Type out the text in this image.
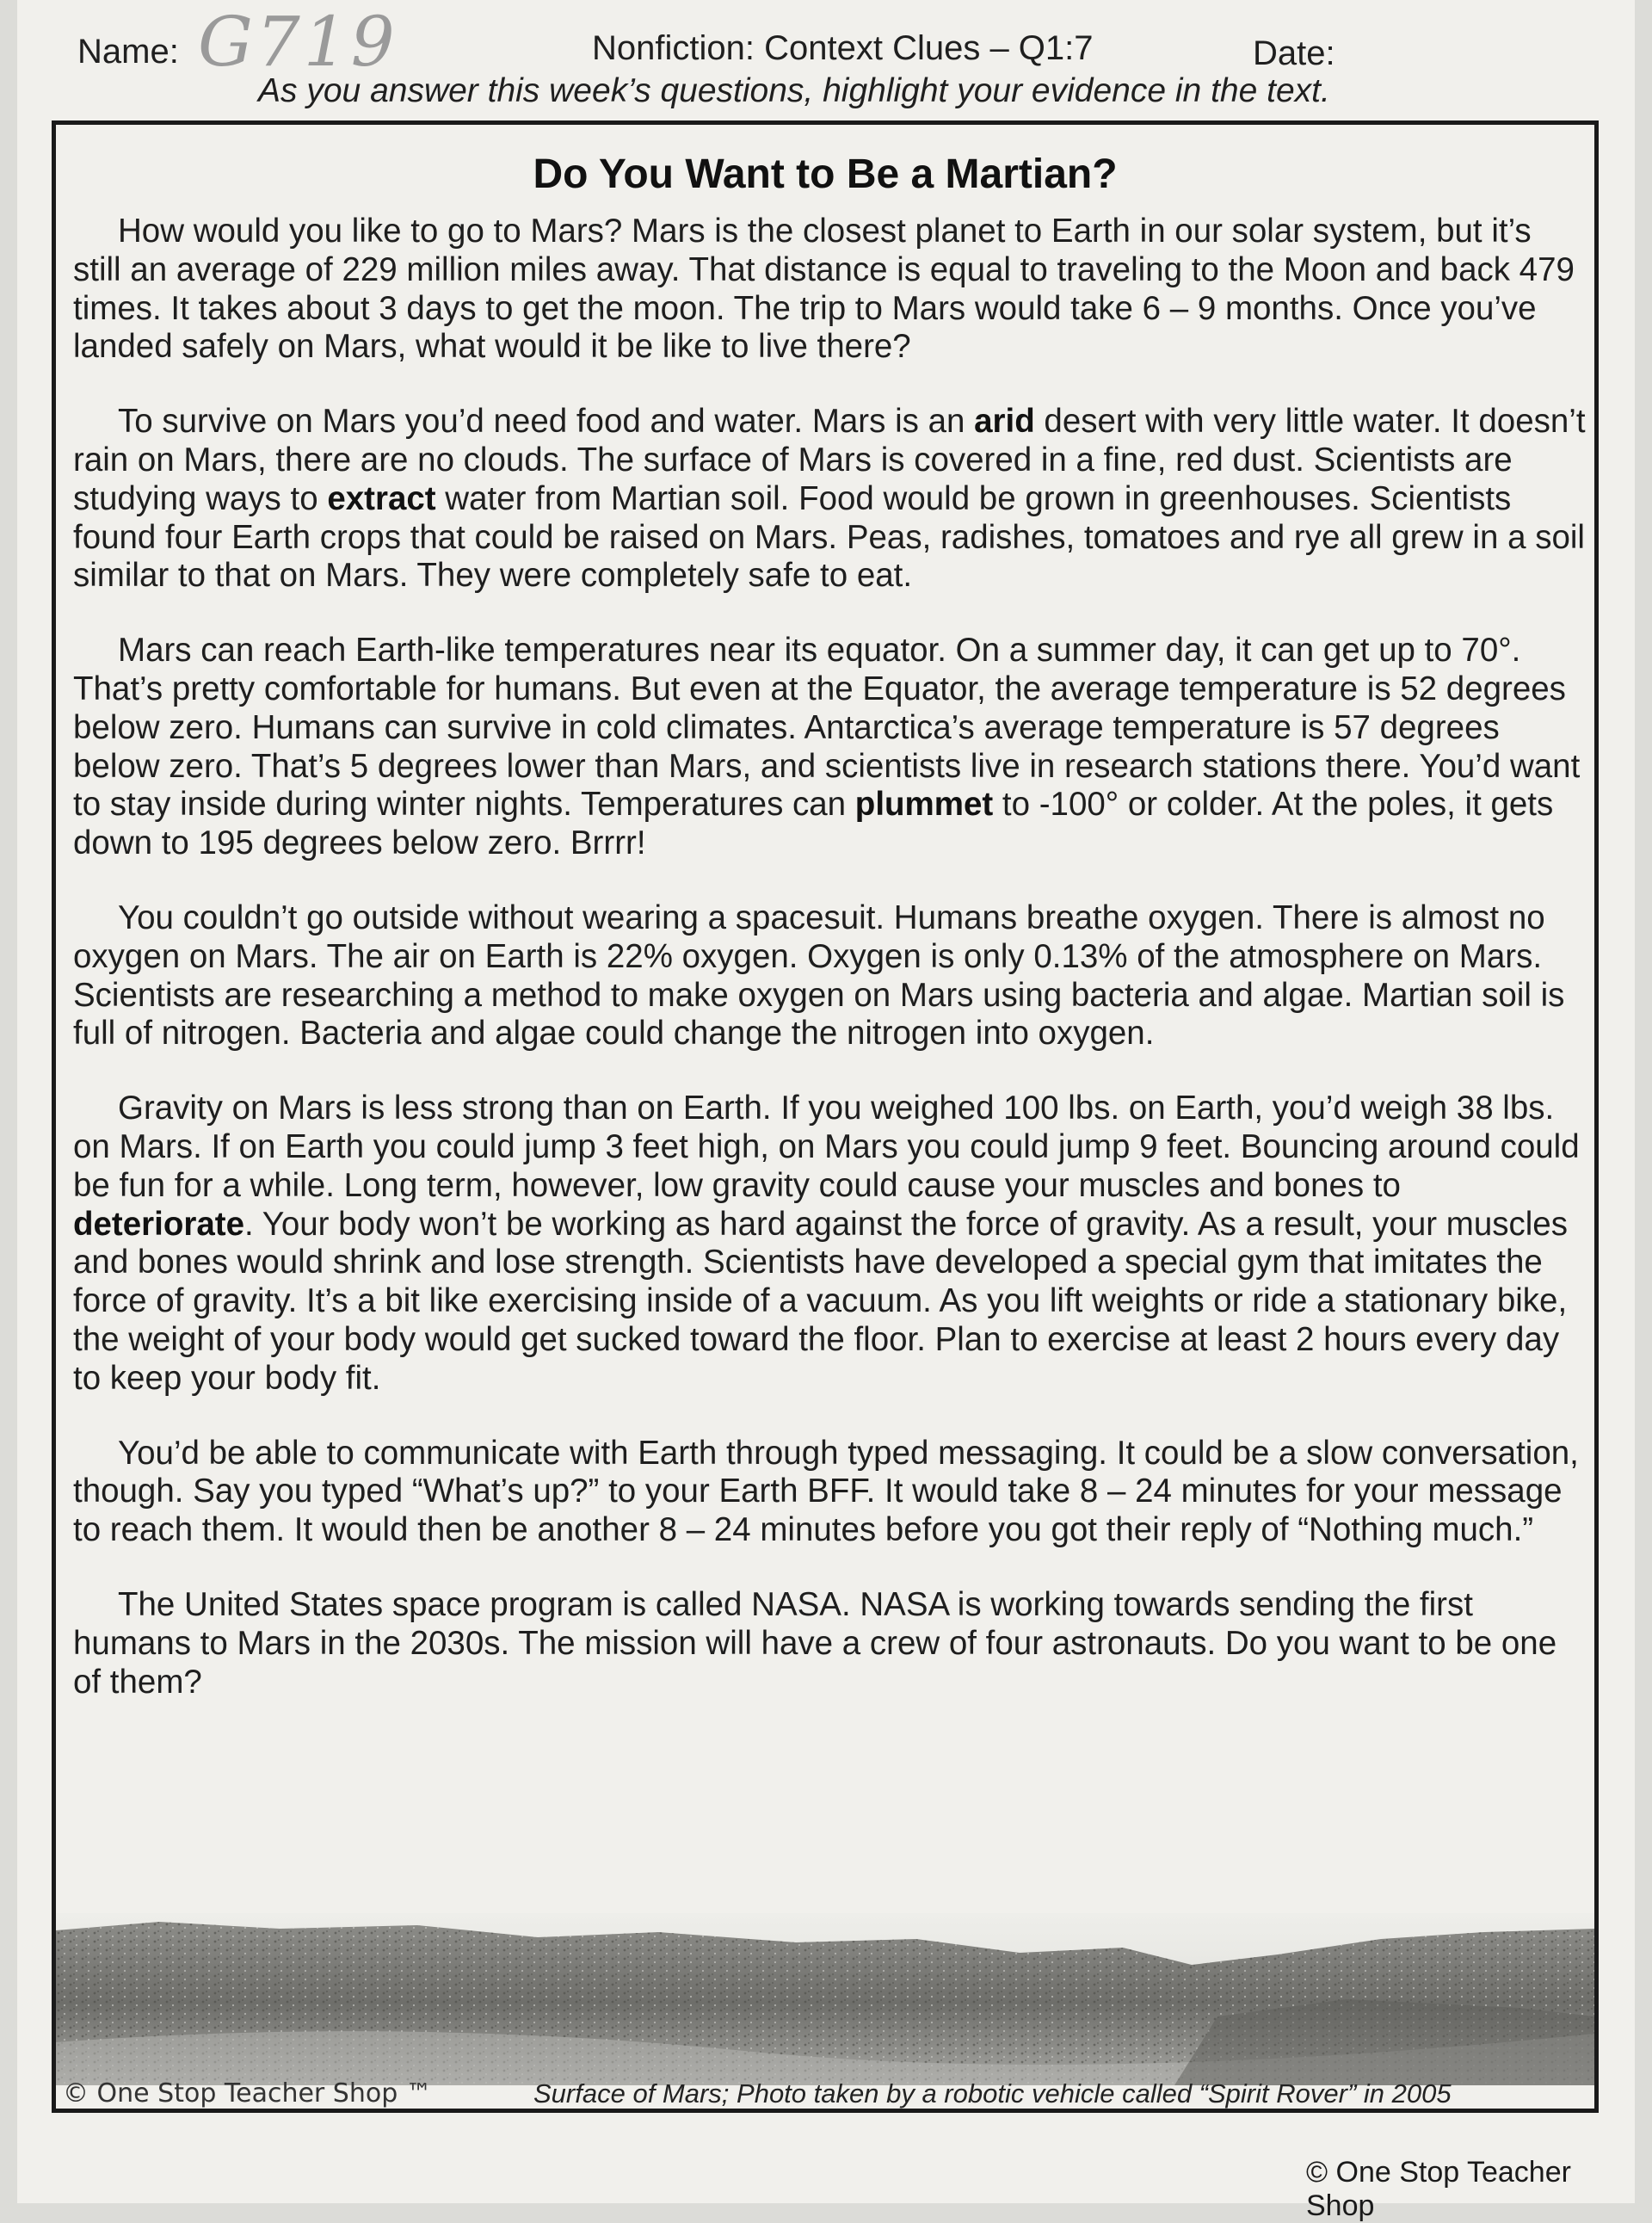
Name: G719	Nonfiction: Context Clues – Q1:7	Date:
As you answer this week’s questions, highlight your evidence in the text.
Do You Want to Be a Martian?

How would you like to go to Mars? Mars is the closest planet to Earth in our solar system, but it’s still an average of 229 million miles away. That distance is equal to traveling to the Moon and back 479 times. It takes about 3 days to get the moon. The trip to Mars would take 6 – 9 months. Once you’ve landed safely on Mars, what would it be like to live there?

To survive on Mars you’d need food and water. Mars is an arid desert with very little water. It doesn’t rain on Mars, there are no clouds. The surface of Mars is covered in a fine, red dust. Scientists are studying ways to extract water from Martian soil. Food would be grown in greenhouses. Scientists found four Earth crops that could be raised on Mars. Peas, radishes, tomatoes and rye all grew in a soil similar to that on Mars. They were completely safe to eat.

Mars can reach Earth-like temperatures near its equator. On a summer day, it can get up to 70°. That’s pretty comfortable for humans. But even at the Equator, the average temperature is 52 degrees below zero. Humans can survive in cold climates. Antarctica’s average temperature is 57 degrees below zero. That’s 5 degrees lower than Mars, and scientists live in research stations there. You’d want to stay inside during winter nights. Temperatures can plummet to -100° or colder. At the poles, it gets down to 195 degrees below zero. Brrrr!

You couldn’t go outside without wearing a spacesuit. Humans breathe oxygen. There is almost no oxygen on Mars. The air on Earth is 22% oxygen. Oxygen is only 0.13% of the atmosphere on Mars. Scientists are researching a method to make oxygen on Mars using bacteria and algae. Martian soil is full of nitrogen. Bacteria and algae could change the nitrogen into oxygen.

Gravity on Mars is less strong than on Earth. If you weighed 100 lbs. on Earth, you’d weigh 38 lbs. on Mars. If on Earth you could jump 3 feet high, on Mars you could jump 9 feet. Bouncing around could be fun for a while. Long term, however, low gravity could cause your muscles and bones to deteriorate. Your body won’t be working as hard against the force of gravity. As a result, your muscles and bones would shrink and lose strength. Scientists have developed a special gym that imitates the force of gravity. It’s a bit like exercising inside of a vacuum. As you lift weights or ride a stationary bike, the weight of your body would get sucked toward the floor. Plan to exercise at least 2 hours every day to keep your body fit.

You’d be able to communicate with Earth through typed messaging. It could be a slow conversation, though. Say you typed “What’s up?” to your Earth BFF. It would take 8 – 24 minutes for your message to reach them. It would then be another 8 – 24 minutes before you got their reply of “Nothing much.”

The United States space program is called NASA. NASA is working towards sending the first humans to Mars in the 2030s. The mission will have a crew of four astronauts. Do you want to be one of them?

© One Stop Teacher Shop ™	Surface of Mars; Photo taken by a robotic vehicle called “Spirit Rover” in 2005
© One Stop Teacher Shop
